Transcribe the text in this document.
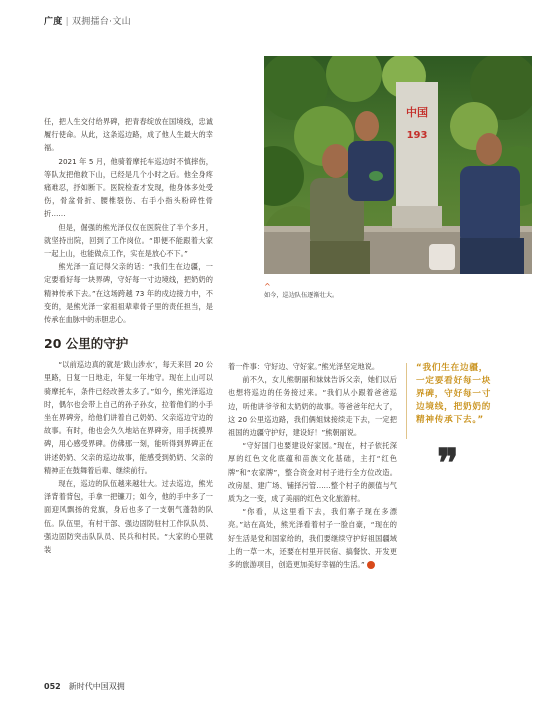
广度 | 双拥擂台·文山
中国
193
^
如今，巡边队伍逐渐壮大。

任，把人生交付给界碑，把青春绽放在国境线，忠诚履行使命。从此，这条巡边路，成了他人生最大的幸福。

2021 年 5 月，他骑着摩托车巡边时不慎摔伤，等队友把他救下山，已经是几个小时之后。他全身疼痛难忍，抒如断下。医院检查才发现，他身体多处受伤，骨盆骨折、腰椎裂伤、右手小指头粉碎性骨折……

但是，倔强的熊光泽仅仅在医院住了半个多月，就坚持出院，回到了工作岗位。“即便不能跟着大家一起上山，也能做点工作，实在是放心不下。”

熊光泽一直记得父亲的话：“我们生在边疆，一定要看好每一块界碑，守好每一寸边境线，把奶奶的精神传承下去。”在这场跨越 73 年的戍边接力中，不变的，是熊光泽一家祖祖辈辈骨子里的责任担当，是传承在血脉中的赤胆忠心。

20 公里的守护

“以前巡边真的就是‘跋山涉水’，每天来回 20 公里路，日复一日地走，年复一年地守。现在上山可以骑摩托车，条件已经改善太多了。”如今，熊光泽巡边时，偶尔也会带上自己的孙子孙女，拉着他们的小手坐在界碑旁，给他们讲着自己奶奶、父亲巡边守边的故事。有时，他也会久久地站在界碑旁，用手抚摸界碑，用心感受界碑。仿佛那一刻，能听得到界碑正在讲述奶奶、父亲的巡边故事，能感受到奶奶、父亲的精神正在鼓舞着后辈、继续前行。

现在，巡边的队伍越来越壮大。过去巡边，熊光泽背着背包，手拿一把镰刀；如今，他的手中多了一面迎风飘扬的党旗，身后也多了一支朝气蓬勃的队伍。队伍里，有村干部、强边固防驻村工作队队员、强边固防突击队队员、民兵和村民。“大家的心里就装

着一件事：守好边、守好家。”熊光泽坚定地说。

前不久，女儿熊朝丽和妹妹告诉父亲，她们以后也想将巡边的任务接过来。“我们从小跟着爸爸巡边，听他讲爷爷和太奶奶的故事。等爸爸年纪大了，这 20 公里巡边路，我们俩姐妹接续走下去，一定把祖国的边疆守护好，建设好！”熊朝丽说。

“守好国门也要建设好家园。”现在，村子依托深厚的红色文化底蕴和苗族文化基础，主打“红色牌”和“农家牌”，整合资金对村子进行全方位改造。改房屋、建广场、铺择污管……整个村子的颜值与气质为之一变，成了美丽的红色文化旅游村。

“你看，从这里看下去，我们寨子现在多漂亮。”站在高处，熊光泽看着村子一脸自豪，“现在的好生活是党和国家给的，我们要继续守护好祖国疆域上的一草一木，还要在村里开民宿、搞餐饮、开发更多的旅游项目，创造更加美好幸福的生活。”	V

“我们生在边疆，一定要看好每一块界碑，守好每一寸边境线，把奶奶的精神传承下去。”
❞
052 新时代中国双拥
